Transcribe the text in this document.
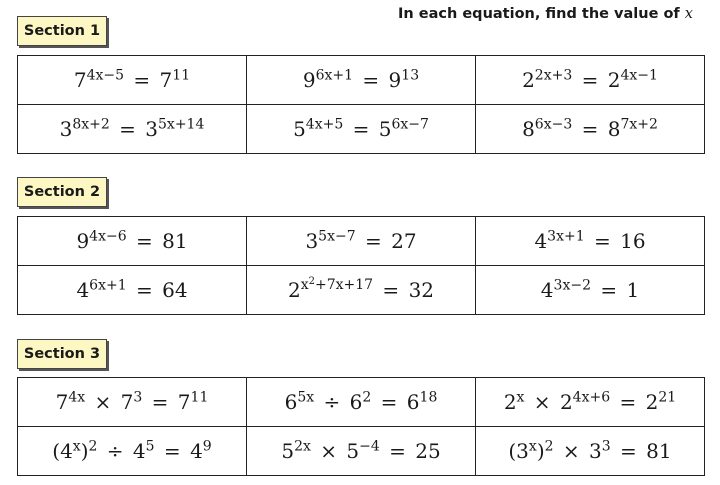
In each equation, find the value of x
Section 1
$7^{4x-5} = 7^{11}$	$9^{6x+1} = 9^{13}$	$2^{2x+3} = 2^{4x-1}$
$3^{8x+2} = 3^{5x+14}$	$5^{4x+5} = 5^{6x-7}$	$8^{6x-3} = 8^{7x+2}$
Section 2
$9^{4x-6} = 81$	$3^{5x-7} = 27$	$4^{3x+1} = 16$
$4^{6x+1} = 64$	$2^{x^2+7x+17} = 32$	$4^{3x-2} = 1$
Section 3
$7^{4x} \times 7^3 = 7^{11}$	$6^{5x} \div 6^2 = 6^{18}$	$2^x \times 2^{4x+6} = 2^{21}$
$(4^x)^2 \div 4^5 = 4^9$	$5^{2x} \times 5^{-4} = 25$	$(3^x)^2 \times 3^3 = 81$
